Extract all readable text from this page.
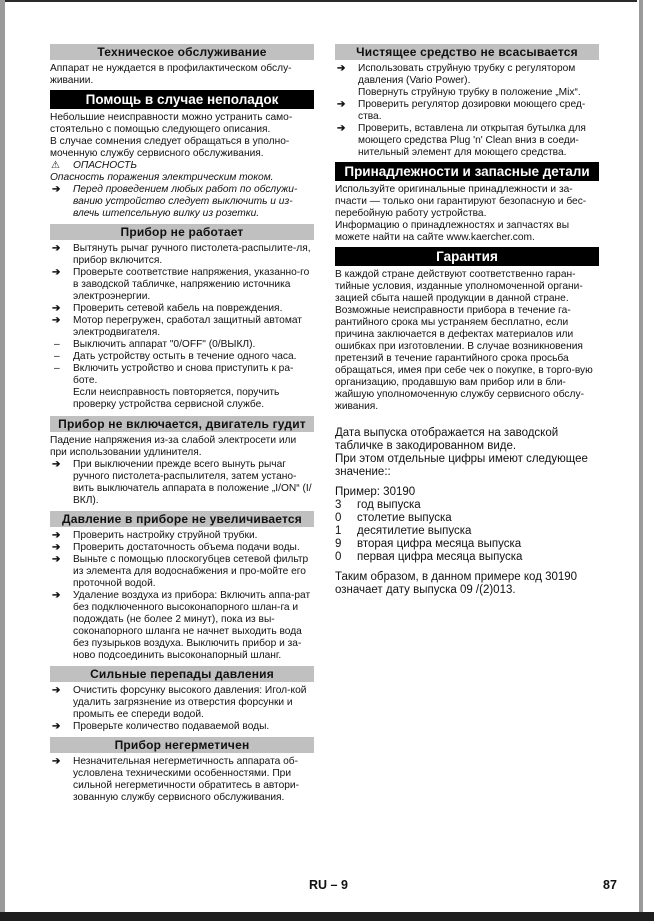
Техническое обслуживание

Аппарат не нуждается в профилактическом обслу-живании.

Помощь в случае неполадок

Небольшие неисправности можно устранить само-стоятельно с помощью следующего описания.

В случае сомнения следует обращаться в уполно-моченную службу сервисного обслуживания.

⚠ ОПАСНОСТЬ

Опасность поражения электрическим током.

➔ Перед проведением любых работ по обслужи-ванию устройство следует выключить и из-влечь штепсельную вилку из розетки.
Прибор не работает
➔ Вытянуть рычаг ручного пистолета-распылите-ля, прибор включится.
➔ Проверьте соответствие напряжения, указанно-го в заводской табличке, напряжению источника электроэнергии.
➔ Проверить сетевой кабель на повреждения.
➔ Мотор перегружен, сработал защитный автомат электродвигателя.
– Выключить аппарат "0/OFF" (0/ВЫКЛ).
– Дать устройству остыть в течение одного часа.
– Включить устройство и снова приступить к ра-боте.

Если неисправность повторяется, поручить проверку устройства сервисной службе.

Прибор не включается, двигатель гудит

Падение напряжения из-за слабой электросети или при использовании удлинителя.

➔ При выключении прежде всего вынуть рычаг ручного пистолета-распылителя, затем устано-вить выключатель аппарата в положение „I/ON“ (I/ВКЛ).
Давление в приборе не увеличивается
➔ Проверить настройку струйной трубки.
➔ Проверить достаточность объема подачи воды.
➔ Выньте с помощью плоскогубцев сетевой фильтр из элемента для водоснабжения и про-мойте его проточной водой.
➔ Удаление воздуха из прибора: Включить аппа-рат без подключенного высоконапорного шлан-га и подождать (не более 2 минут), пока из вы-соконапорного шланга не начнет выходить вода без пузырьков воздуха. Выключить прибор и за-ново подсоединить высоконапорный шланг.
Сильные перепады давления
➔ Очистить форсунку высокого давления: Игол-кой удалить загрязнение из отверстия форсунки и промыть ее спереди водой.
➔ Проверьте количество подаваемой воды.
Прибор негерметичен
➔ Незначительная негерметичность аппарата об-условлена техническими особенностями. При сильной негерметичности обратитесь в автори-зованную службу сервисного обслуживания.
Чистящее средство не всасывается
➔ Использовать струйную трубку с регулятором давления (Vario Power).

Повернуть струйную трубку в положение „Mix“.

➔ Проверить регулятор дозировки моющего сред-ства.
➔ Проверить, вставлена ли открытая бутылка для моющего средства Plug 'n' Clean вниз в соеди-нительный элемент для моющего средства.
Принадлежности и запасные детали

Используйте оригинальные принадлежности и за-пчасти — только они гарантируют безопасную и бес-перебойную работу устройства.

Информацию о принадлежностях и запчастях вы можете найти на сайте www.kaercher.com.

Гарантия

В каждой стране действуют соответственно гаран-тийные условия, изданные уполномоченной органи-зацией сбыта нашей продукции в данной стране. Возможные неисправности прибора в течение га-рантийного срока мы устраняем бесплатно, если причина заключается в дефектах материалов или ошибках при изготовлении. В случае возникновения претензий в течение гарантийного срока просьба обращаться, имея при себе чек о покупке, в торго-вую организацию, продавшую вам прибор или в бли-жайшую уполномоченную службу сервисного обслу-живания.

Дата выпуска отображается на заводской табличке в закодированном виде.

При этом отдельные цифры имеют следующее значение::

Пример: 30190

3 год выпуска
0 столетие выпуска
1 десятилетие выпуска
9 вторая цифра месяца выпуска
0 первая цифра месяца выпуска

Таким образом, в данном примере код 30190 означает дату выпуска 09 /(2)013.

RU – 9	87
